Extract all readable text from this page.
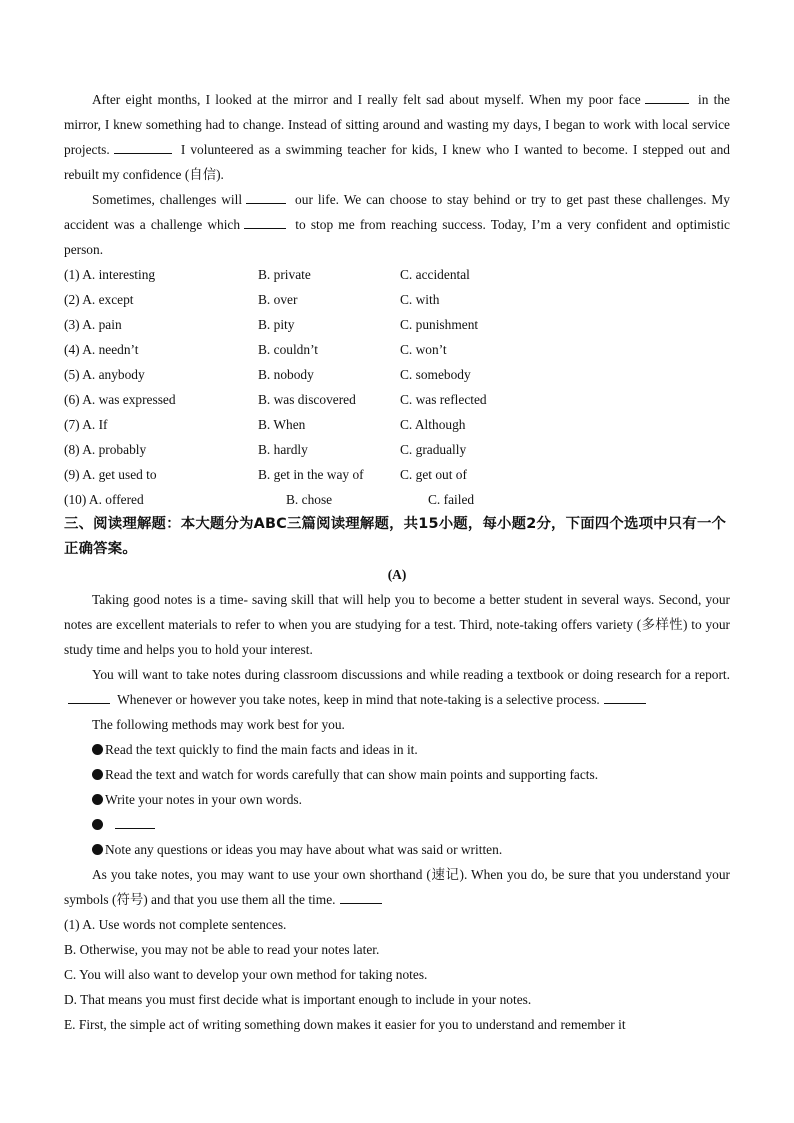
After eight months, I looked at the mirror and I really felt sad about myself. When my poor face	in the mirror, I knew something had to change. Instead of sitting around and wasting my days, I began to work with local service projects.	I volunteered as a swimming teacher for kids, I knew who I wanted to become. I stepped out and rebuilt my confidence (自信).

Sometimes, challenges will	our life. We can choose to stay behind or try to get past these challenges. My accident was a challenge which	to stop me from reaching success. Today, I’m a very confident and optimistic person.

(1) A. interesting	B. private	C. accidental
(2) A. except	B. over	C. with
(3) A. pain	B. pity	C. punishment
(4) A. needn’t	B. couldn’t	C. won’t
(5) A. anybody	B. nobody	C. somebody
(6) A. was expressed	B. was discovered	C. was reflected
(7) A. If	B. When	C. Although
(8) A. probably	B. hardly	C. gradually
(9) A. get used to	B. get in the way of	C. get out of
(10) A. offered	B. chose	C. failed

三、阅读理解题：本大题分为ABC三篇阅读理解题，共15小题，每小题2分，下面四个选项中只有一个正确答案。

(A)

Taking good notes is a time- saving skill that will help you to become a better student in several ways. Second, your notes are excellent materials to refer to when you are studying for a test. Third, note-taking offers variety (多样性) to your study time and helps you to hold your interest.

You will want to take notes during classroom discussions and while reading a textbook or doing research for a report. Whenever or however you take notes, keep in mind that note-taking is a selective process.

The following methods may work best for you.

Read the text quickly to find the main facts and ideas in it.
Read the text and watch for words carefully that can show main points and supporting facts.
Write your notes in your own words.
Note any questions or ideas you may have about what was said or written.

As you take notes, you may want to use your own shorthand (速记). When you do, be sure that you understand your symbols (符号) and that you use them all the time.

(1) A. Use words not complete sentences.
B. Otherwise, you may not be able to read your notes later.
C. You will also want to develop your own method for taking notes.
D. That means you must first decide what is important enough to include in your notes.
E. First, the simple act of writing something down makes it easier for you to understand and remember it
